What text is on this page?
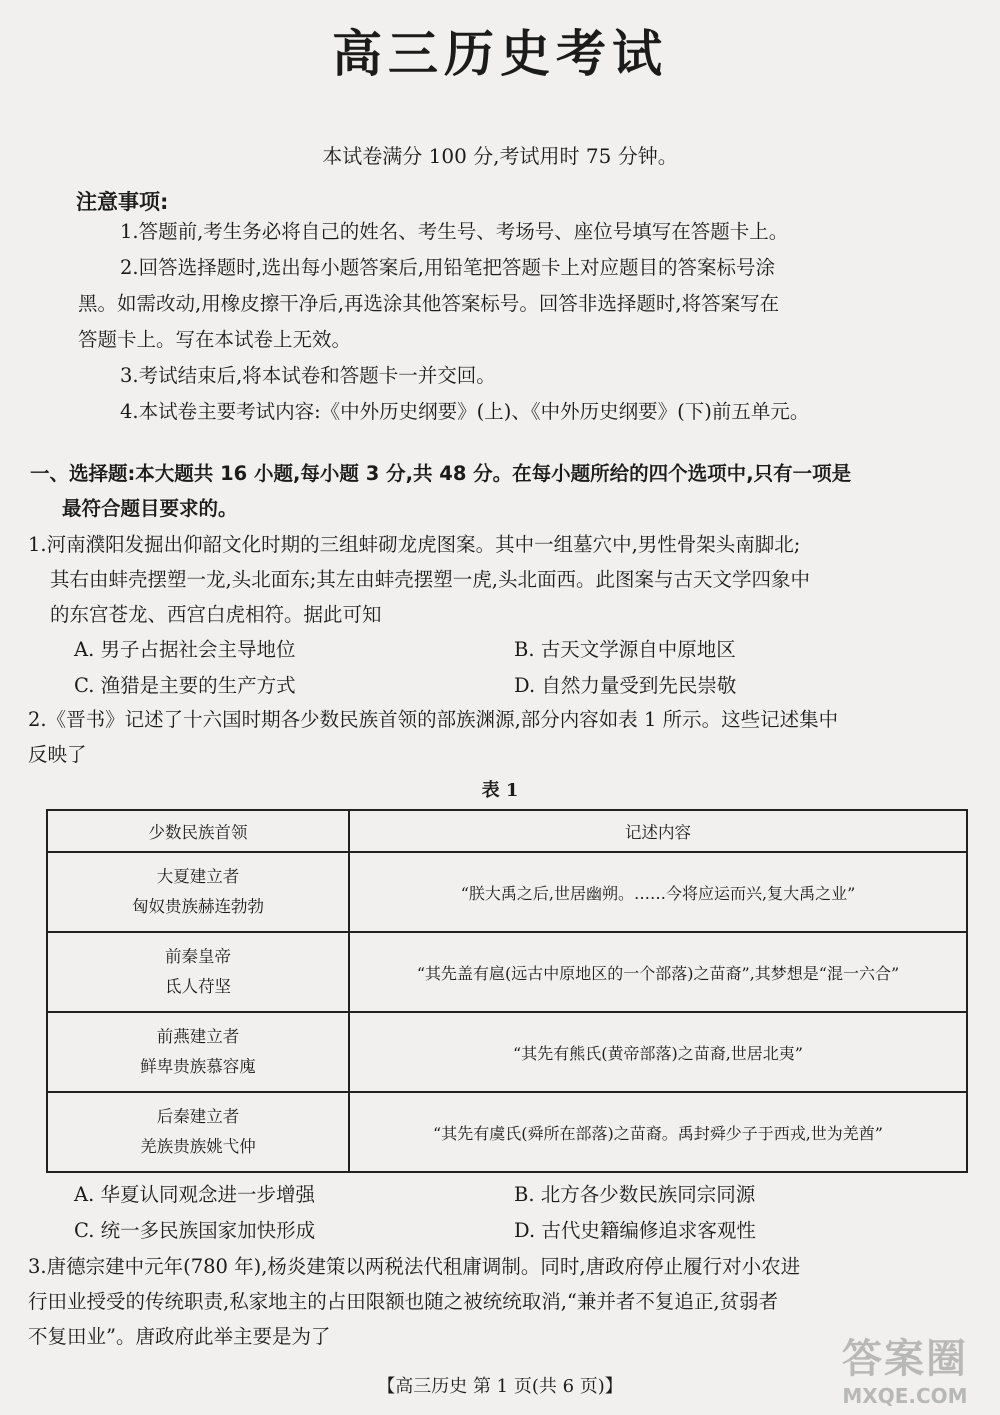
高三历史考试
本试卷满分 100 分,考试用时 75 分钟。
注意事项:

1.答题前,考生务必将自己的姓名、考生号、考场号、座位号填写在答题卡上。

2.回答选择题时,选出每小题答案后,用铅笔把答题卡上对应题目的答案标号涂

黑。如需改动,用橡皮擦干净后,再选涂其他答案标号。回答非选择题时,将答案写在

答题卡上。写在本试卷上无效。

3.考试结束后,将本试卷和答题卡一并交回。

4.本试卷主要考试内容:《中外历史纲要》(上)、《中外历史纲要》(下)前五单元。

一、选择题:本大题共 16 小题,每小题 3 分,共 48 分。在每小题所给的四个选项中,只有一项是
最符合题目要求的。

1.河南濮阳发掘出仰韶文化时期的三组蚌砌龙虎图案。其中一组墓穴中,男性骨架头南脚北;

其右由蚌壳摆塑一龙,头北面东;其左由蚌壳摆塑一虎,头北面西。此图案与古天文学四象中

的东宫苍龙、西宫白虎相符。据此可知

A. 男子占据社会主导地位	B. 古天文学源自中原地区
C. 渔猎是主要的生产方式	D. 自然力量受到先民崇敬

2.《晋书》记述了十六国时期各少数民族首领的部族渊源,部分内容如表 1 所示。这些记述集中

反映了

表 1
少数民族首领	记述内容

大夏建立者
匈奴贵族赫连勃勃	“朕大禹之后,世居幽朔。……今将应运而兴,复大禹之业”

前秦皇帝
氐人苻坚	“其先盖有扈(远古中原地区的一个部落)之苗裔”,其梦想是“混一六合”

前燕建立者
鲜卑贵族慕容廆	“其先有熊氏(黄帝部落)之苗裔,世居北夷”

后秦建立者
羌族贵族姚弋仲	“其先有虞氏(舜所在部落)之苗裔。禹封舜少子于西戎,世为羌酋”
A. 华夏认同观念进一步增强	B. 北方各少数民族同宗同源
C. 统一多民族国家加快形成	D. 古代史籍编修追求客观性

3.唐德宗建中元年(780 年),杨炎建策以两税法代租庸调制。同时,唐政府停止履行对小农进

行田业授受的传统职责,私家地主的占田限额也随之被统统取消,“兼并者不复追正,贫弱者

不复田业”。唐政府此举主要是为了

【高三历史 第 1 页(共 6 页)】
答案圈
MXQE.COM
